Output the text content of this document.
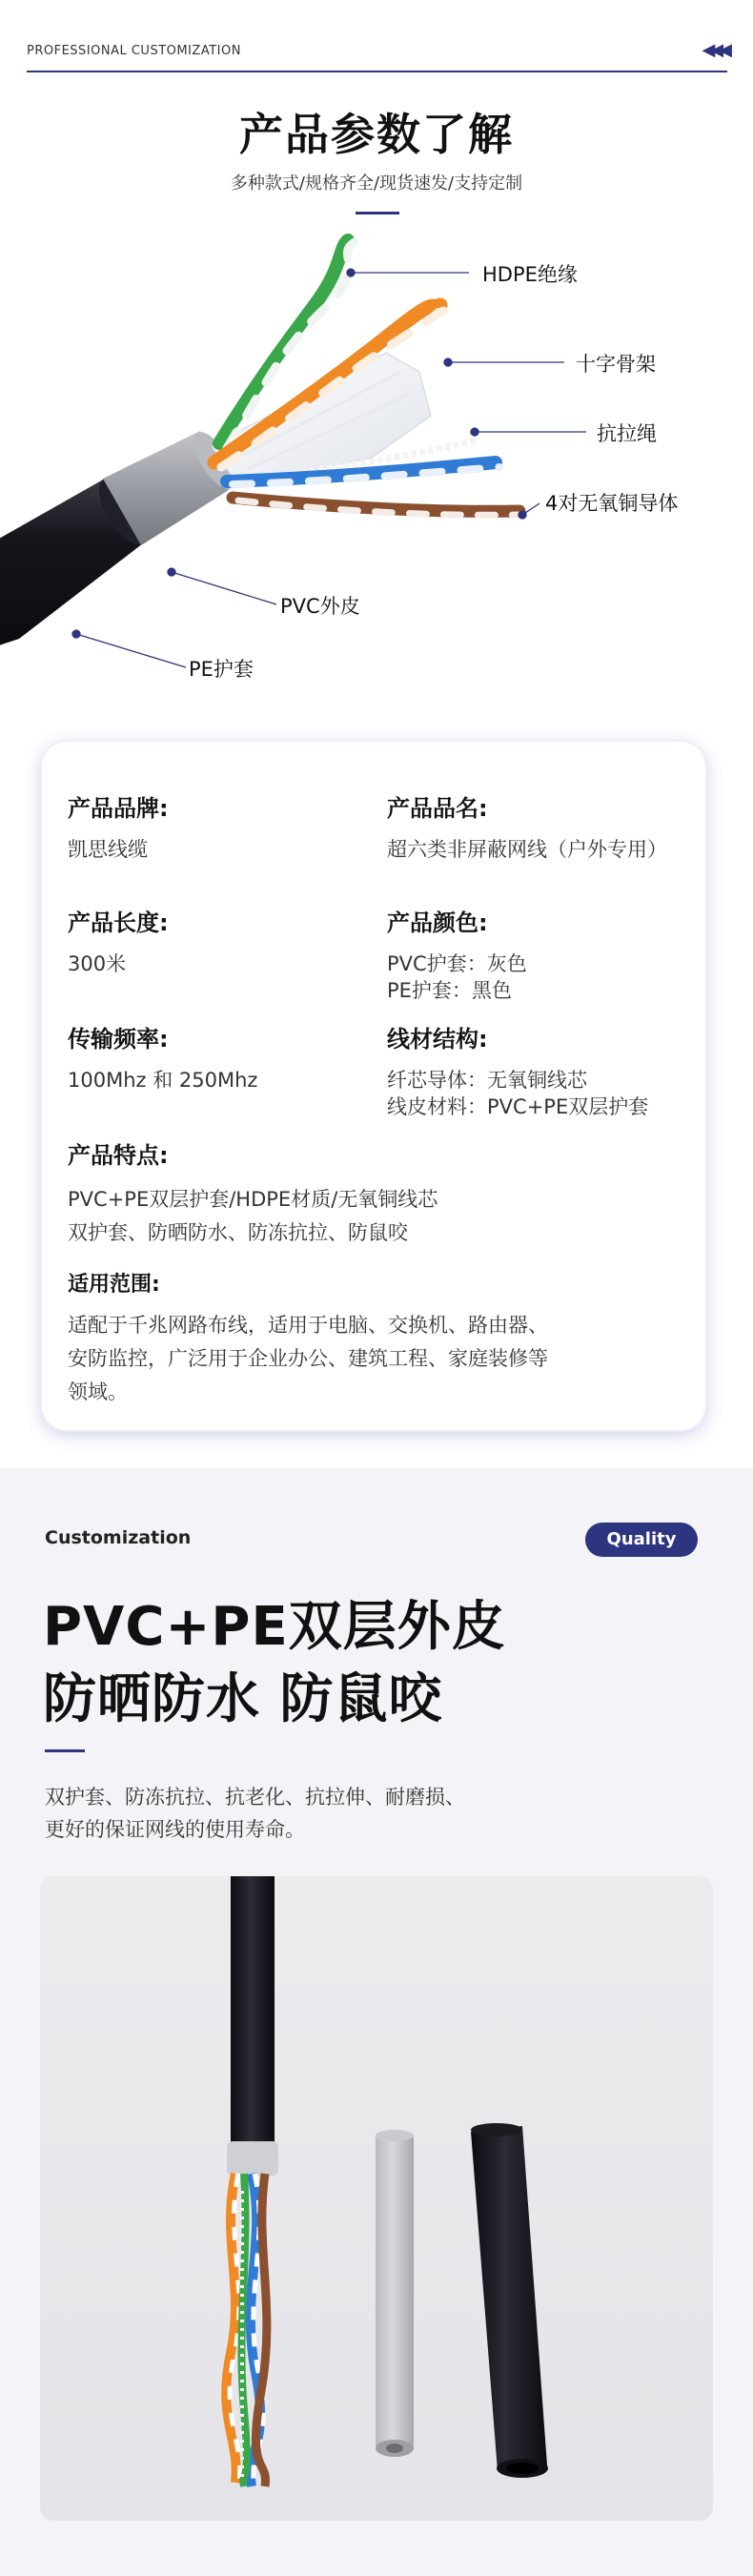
PROFESSIONAL CUSTOMIZATION	◀◀◀
产品参数了解
多种款式/规格齐全/现货速发/支持定制
HDPE绝缘
十字骨架
抗拉绳
4对无氧铜导体
PVC外皮
PE护套
产品品牌:
凯思线缆
产品品名:
超六类非屏蔽网线（户外专用）
产品长度:
300米
产品颜色:
PVC护套：灰色
PE护套：黑色
传输频率:
100Mhz 和 250Mhz
线材结构:
纤芯导体：无氧铜线芯
线皮材料：PVC+PE双层护套
产品特点:
PVC+PE双层护套/HDPE材质/无氧铜线芯
双护套、防晒防水、防冻抗拉、防鼠咬
适用范围:
适配于千兆网路布线，适用于电脑、交换机、路由器、
安防监控，广泛用于企业办公、建筑工程、家庭装修等
领域。
Customization	Quality
PVC+PE双层外皮
防晒防水 防鼠咬
双护套、防冻抗拉、抗老化、抗拉伸、耐磨损、
更好的保证网线的使用寿命。
